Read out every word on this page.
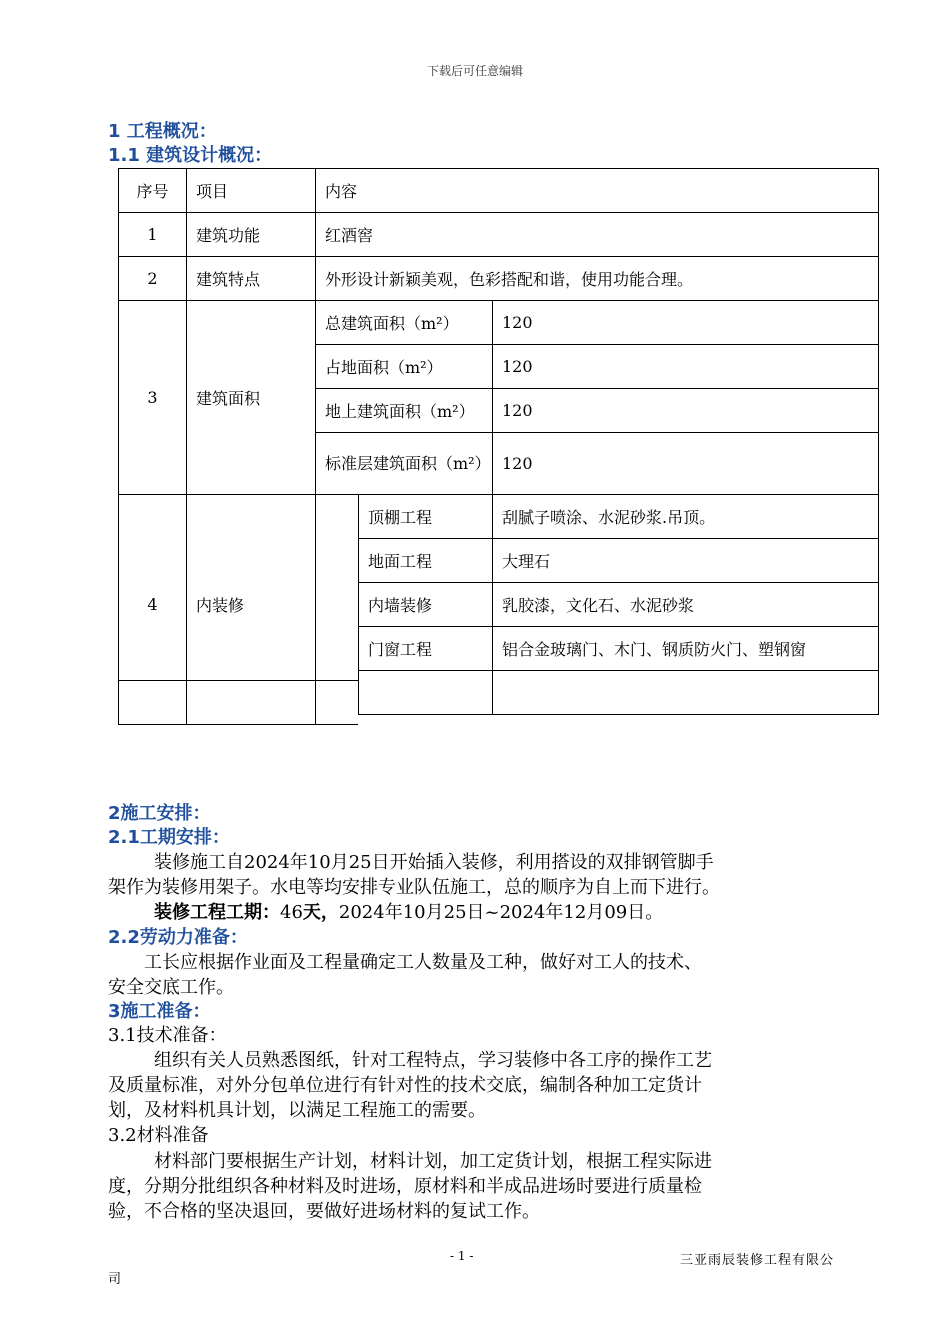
下载后可任意编辑
1 工程概况：
1.1 建筑设计概况：
序号	项目	内容		
1	建筑功能	红酒窖		
2	建筑特点	外形设计新颖美观，色彩搭配和谐，使用功能合理。		
3	建筑面积	总建筑面积（m²）		120
		占地面积（m²）		120
		地上建筑面积（m²）		120
		标准层建筑面积（m²）		120
4	内装修		顶棚工程	刮腻子喷涂、水泥砂浆.吊顶。
			地面工程	大理石
			内墙装修	乳胶漆，文化石、水泥砂浆
			门窗工程	铝合金玻璃门、木门、钢质防火门、塑钢窗

2施工安排：
2.1工期安排：
装修施工自2024年10月25日开始插入装修，利用搭设的双排钢管脚手
架作为装修用架子。水电等均安排专业队伍施工，总的顺序为自上而下进行。
装修工程工期：46天，2024年10月25日~2024年12月09日。
2.2劳动力准备：
工长应根据作业面及工程量确定工人数量及工种，做好对工人的技术、
安全交底工作。
3施工准备：
3.1技术准备：
组织有关人员熟悉图纸，针对工程特点，学习装修中各工序的操作工艺
及质量标准，对外分包单位进行有针对性的技术交底，编制各种加工定货计
划，及材料机具计划，以满足工程施工的需要。
3.2材料准备
材料部门要根据生产计划，材料计划，加工定货计划，根据工程实际进
度，分期分批组织各种材料及时进场，原材料和半成品进场时要进行质量检
验，不合格的坚决退回，要做好进场材料的复试工作。
- 1 -	三亚雨辰装修工程有限公
司
